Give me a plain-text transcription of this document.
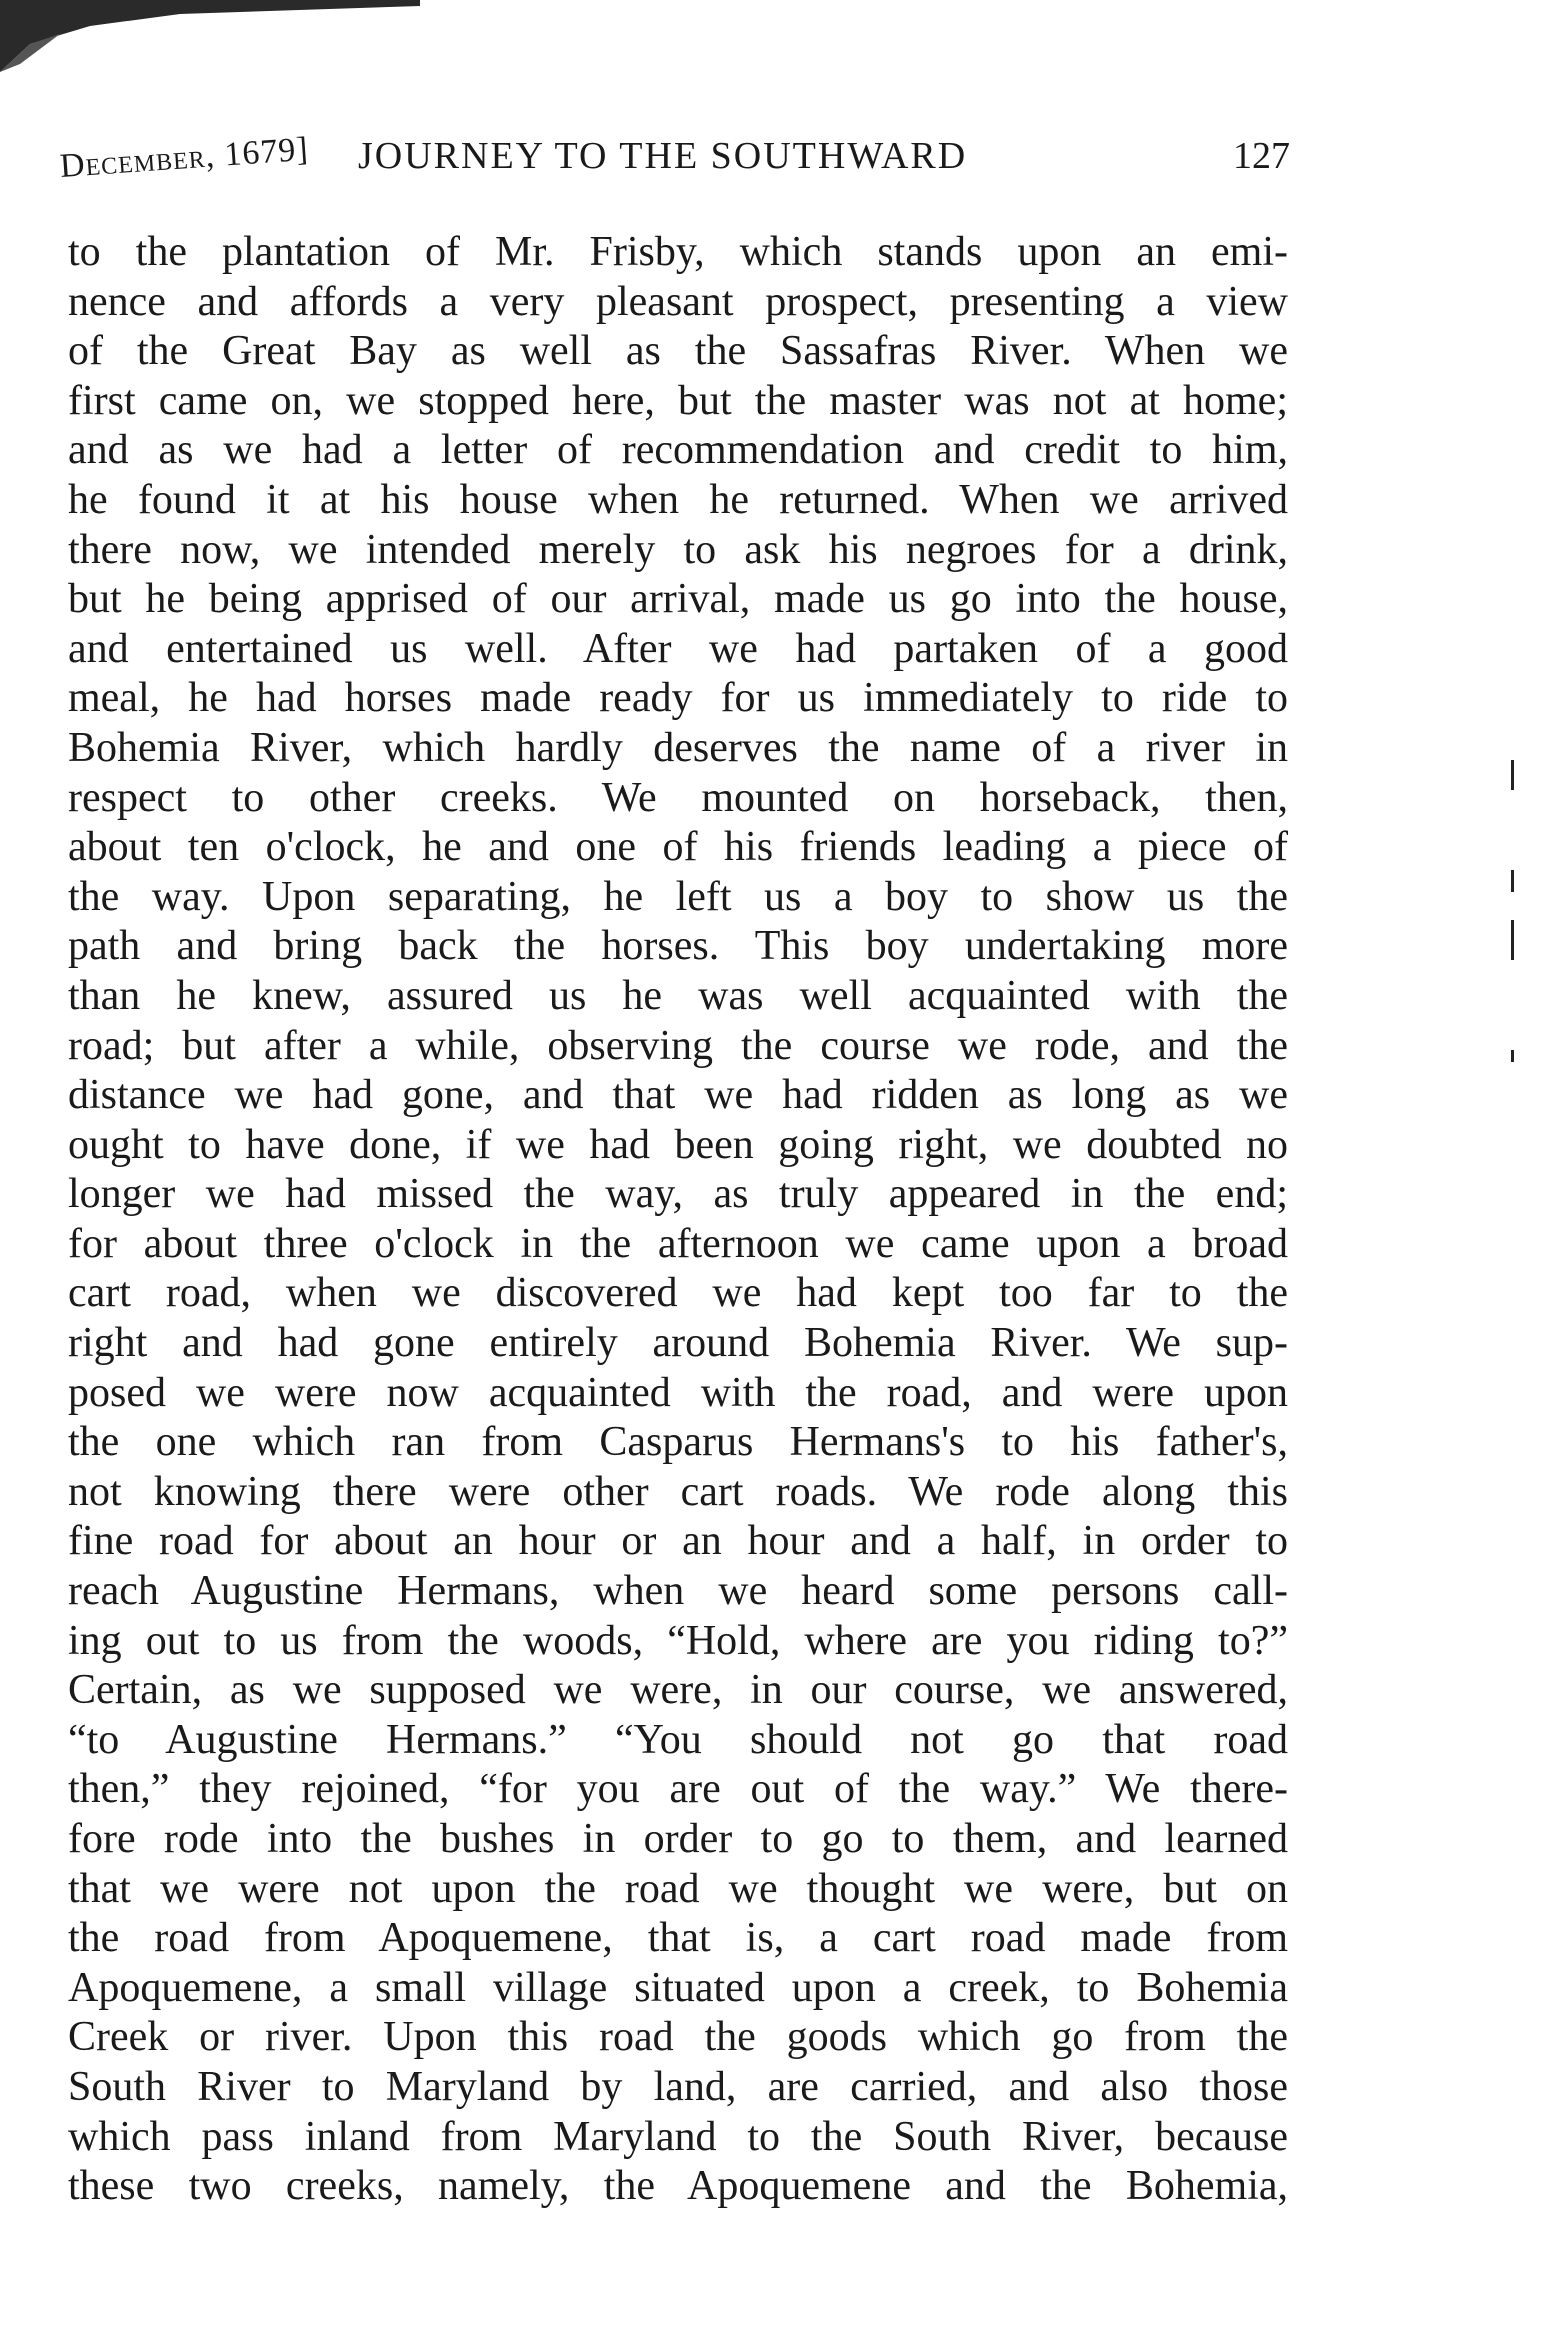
December, 1679] JOURNEY TO THE SOUTHWARD	127
to the plantation of Mr. Frisby, which stands upon an emi-
nence and affords a very pleasant prospect, presenting a view
of the Great Bay as well as the Sassafras River. When we
first came on, we stopped here, but the master was not at home;
and as we had a letter of recommendation and credit to him,
he found it at his house when he returned. When we arrived
there now, we intended merely to ask his negroes for a drink,
but he being apprised of our arrival, made us go into the house,
and entertained us well. After we had partaken of a good
meal, he had horses made ready for us immediately to ride to
Bohemia River, which hardly deserves the name of a river in
respect to other creeks. We mounted on horseback, then,
about ten o'clock, he and one of his friends leading a piece of
the way. Upon separating, he left us a boy to show us the
path and bring back the horses. This boy undertaking more
than he knew, assured us he was well acquainted with the
road; but after a while, observing the course we rode, and the
distance we had gone, and that we had ridden as long as we
ought to have done, if we had been going right, we doubted no
longer we had missed the way, as truly appeared in the end;
for about three o'clock in the afternoon we came upon a broad
cart road, when we discovered we had kept too far to the
right and had gone entirely around Bohemia River. We sup-
posed we were now acquainted with the road, and were upon
the one which ran from Casparus Hermans's to his father's,
not knowing there were other cart roads. We rode along this
fine road for about an hour or an hour and a half, in order to
reach Augustine Hermans, when we heard some persons call-
ing out to us from the woods, “Hold, where are you riding to?”
Certain, as we supposed we were, in our course, we answered,
“to Augustine Hermans.” “You should not go that road
then,” they rejoined, “for you are out of the way.” We there-
fore rode into the bushes in order to go to them, and learned
that we were not upon the road we thought we were, but on
the road from Apoquemene, that is, a cart road made from
Apoquemene, a small village situated upon a creek, to Bohemia
Creek or river. Upon this road the goods which go from the
South River to Maryland by land, are carried, and also those
which pass inland from Maryland to the South River, because
these two creeks, namely, the Apoquemene and the Bohemia,
